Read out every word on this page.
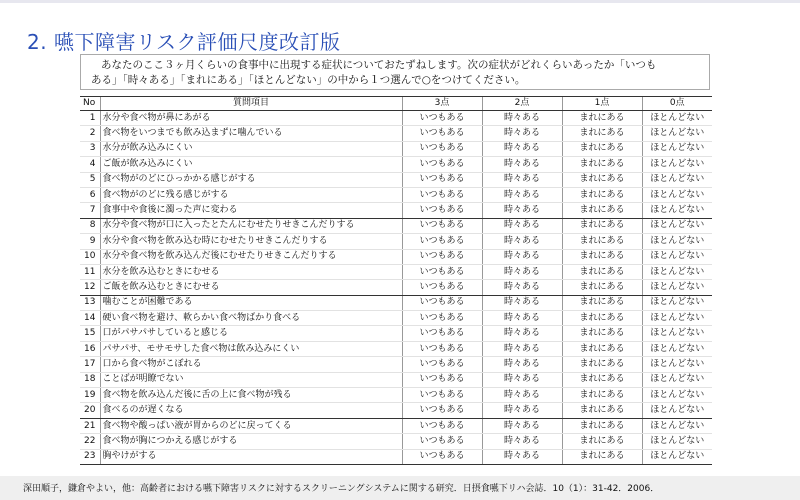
2. 嚥下障害リスク評価尺度改訂版

あなたのここ３ヶ月くらいの食事中に出現する症状についておたずねします。次の症状がどれくらいあったか「いつも

ある」「時々ある」「まれにある」「ほとんどない」の中から１つ選んで○をつけてください。

No	質問項目	3点	2点	1点	0点
1	水分や食べ物が鼻にあがる	いつもある	時々ある	まれにある	ほとんどない
2	食べ物をいつまでも飲み込まずに噛んでいる	いつもある	時々ある	まれにある	ほとんどない
3	水分が飲み込みにくい	いつもある	時々ある	まれにある	ほとんどない
4	ご飯が飲み込みにくい	いつもある	時々ある	まれにある	ほとんどない
5	食べ物がのどにひっかかる感じがする	いつもある	時々ある	まれにある	ほとんどない
6	食べ物がのどに残る感じがする	いつもある	時々ある	まれにある	ほとんどない
7	食事中や食後に濁った声に変わる	いつもある	時々ある	まれにある	ほとんどない
8	水分や食べ物が口に入ったとたんにむせたりせきこんだりする	いつもある	時々ある	まれにある	ほとんどない
9	水分や食べ物を飲み込む時にむせたりせきこんだりする	いつもある	時々ある	まれにある	ほとんどない
10	水分や食べ物を飲み込んだ後にむせたりせきこんだりする	いつもある	時々ある	まれにある	ほとんどない
11	水分を飲み込むときにむせる	いつもある	時々ある	まれにある	ほとんどない
12	ご飯を飲み込むときにむせる	いつもある	時々ある	まれにある	ほとんどない
13	噛むことが困難である	いつもある	時々ある	まれにある	ほとんどない
14	硬い食べ物を避け、軟らかい食べ物ばかり食べる	いつもある	時々ある	まれにある	ほとんどない
15	口がパサパサしていると感じる	いつもある	時々ある	まれにある	ほとんどない
16	パサパサ、モサモサした食べ物は飲み込みにくい	いつもある	時々ある	まれにある	ほとんどない
17	口から食べ物がこぼれる	いつもある	時々ある	まれにある	ほとんどない
18	ことばが明瞭でない	いつもある	時々ある	まれにある	ほとんどない
19	食べ物を飲み込んだ後に舌の上に食べ物が残る	いつもある	時々ある	まれにある	ほとんどない
20	食べるのが遅くなる	いつもある	時々ある	まれにある	ほとんどない
21	食べ物や酸っぱい液が胃からのどに戻ってくる	いつもある	時々ある	まれにある	ほとんどない
22	食べ物が胸につかえる感じがする	いつもある	時々ある	まれにある	ほとんどない
23	胸やけがする	いつもある	時々ある	まれにある	ほとんどない
深田順子，鎌倉やよい，他：高齢者における嚥下障害リスクに対するスクリーニングシステムに関する研究．日摂食嚥下リハ会誌．10（1）：31-42．2006．
